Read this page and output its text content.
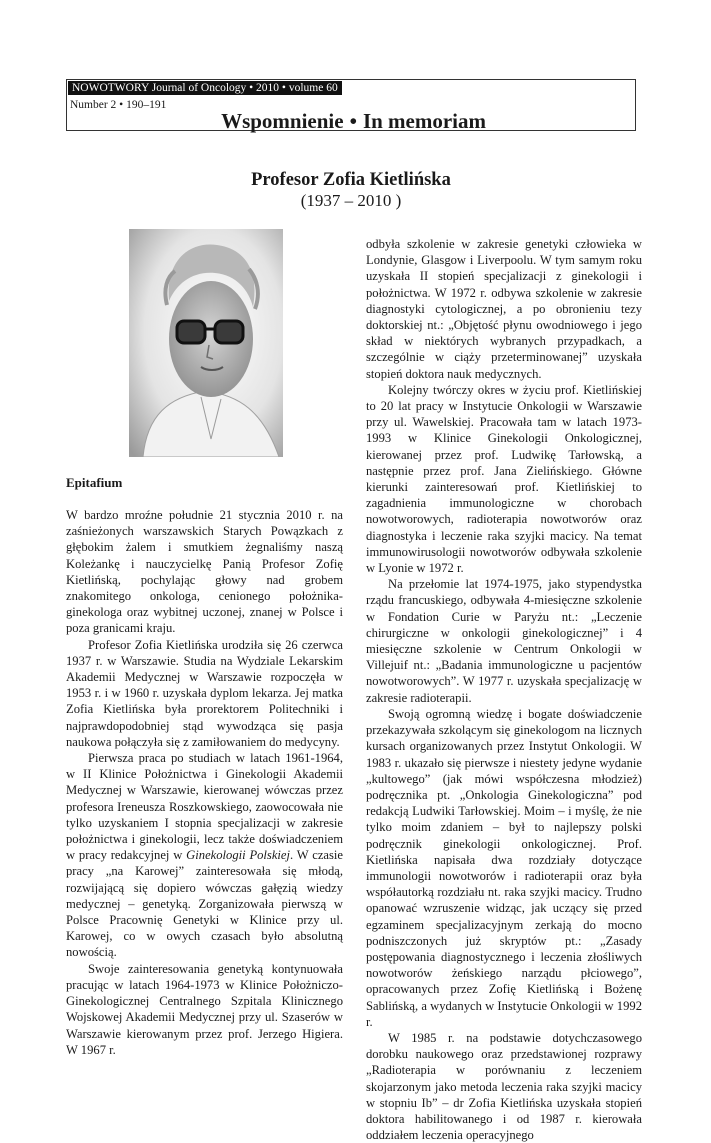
NOWOTWORY Journal of Oncology • 2010 • volume 60
Number 2 • 190–191
Wspomnienie • In memoriam
Profesor Zofia Kietlińska
(1937 – 2010 )
Epitafium

W bardzo mroźne południe 21 stycznia 2010 r. na zaśnieżonych warszawskich Starych Powązkach z głębokim żalem i smutkiem żegnaliśmy naszą Koleżankę i nauczycielkę Panią Profesor Zofię Kietlińską, pochylając głowy nad grobem znakomitego onkologa, cenionego położnika-ginekologa oraz wybitnej uczonej, znanej w Polsce i poza granicami kraju.

Profesor Zofia Kietlińska urodziła się 26 czerwca 1937 r. w Warszawie. Studia na Wydziale Lekarskim Akademii Medycznej w Warszawie rozpoczęła w 1953 r. i w 1960 r. uzyskała dyplom lekarza. Jej matka Zofia Kietlińska była prorektorem Politechniki i najprawdopodobniej stąd wywodząca się pasja naukowa połączyła się z zamiłowaniem do medycyny.

Pierwsza praca po studiach w latach 1961-1964, w II Klinice Położnictwa i Ginekologii Akademii Medycznej w Warszawie, kierowanej wówczas przez profesora Ireneusza Roszkowskiego, zaowocowała nie tylko uzyskaniem I stopnia specjalizacji w zakresie położnictwa i ginekologii, lecz także doświadczeniem w pracy redakcyjnej w Ginekologii Polskiej. W czasie pracy „na Karowej” zainteresowała się młodą, rozwijającą się dopiero wówczas gałęzią wiedzy medycznej – genetyką. Zorganizowała pierwszą w Polsce Pracownię Genetyki w Klinice przy ul. Karowej, co w owych czasach było absolutną nowością.

Swoje zainteresowania genetyką kontynuowała pracując w latach 1964-1973 w Klinice Położniczo-Ginekologicznej Centralnego Szpitala Klinicznego Wojskowej Akademii Medycznej przy ul. Szaserów w Warszawie kierowanym przez prof. Jerzego Higiera. W 1967 r.

odbyła szkolenie w zakresie genetyki człowieka w Londynie, Glasgow i Liverpoolu. W tym samym roku uzyskała II stopień specjalizacji z ginekologii i położnictwa. W 1972 r. odbywa szkolenie w zakresie diagnostyki cytologicznej, a po obronieniu tezy doktorskiej nt.: „Objętość płynu owodniowego i jego skład w niektórych wybranych przypadkach, a szczególnie w ciąży przeterminowanej” uzyskała stopień doktora nauk medycznych.

Kolejny twórczy okres w życiu prof. Kietlińskiej to 20 lat pracy w Instytucie Onkologii w Warszawie przy ul. Wawelskiej. Pracowała tam w latach 1973-1993 w Klinice Ginekologii Onkologicznej, kierowanej przez prof. Ludwikę Tarłowską, a następnie przez prof. Jana Zielińskiego. Główne kierunki zainteresowań prof. Kietlińskiej to zagadnienia immunologiczne w chorobach nowotworowych, radioterapia nowotworów oraz diagnostyka i leczenie raka szyjki macicy. Na temat immunowirusologii nowotworów odbywała szkolenie w Lyonie w 1972 r.

Na przełomie lat 1974-1975, jako stypendystka rządu francuskiego, odbywała 4-miesięczne szkolenie w Fondation Curie w Paryżu nt.: „Leczenie chirurgiczne w onkologii ginekologicznej” i 4 miesięczne szkolenie w Centrum Onkologii w Villejuif nt.: „Badania immunologiczne u pacjentów nowotworowych”. W 1977 r. uzyskała specjalizację w zakresie radioterapii.

Swoją ogromną wiedzę i bogate doświadczenie przekazywała szkolącym się ginekologom na licznych kursach organizowanych przez Instytut Onkologii. W 1983 r. ukazało się pierwsze i niestety jedyne wydanie „kultowego” (jak mówi współczesna młodzież) podręcznika pt. „Onkologia Ginekologiczna” pod redakcją Ludwiki Tarłowskiej. Moim – i myślę, że nie tylko moim zdaniem – był to najlepszy polski podręcznik ginekologii onkologicznej. Prof. Kietlińska napisała dwa rozdziały dotyczące immunologii nowotworów i radioterapii oraz była współautorką rozdziału nt. raka szyjki macicy. Trudno opanować wzruszenie widząc, jak uczący się przed egzaminem specjalizacyjnym zerkają do mocno podniszczonych już skryptów pt.: „Zasady postępowania diagnostycznego i leczenia złośliwych nowotworów żeńskiego narządu płciowego”, opracowanych przez Zofię Kietlińską i Bożenę Sablińską, a wydanych w Instytucie Onkologii w 1992 r.

W 1985 r. na podstawie dotychczasowego dorobku naukowego oraz przedstawionej rozprawy „Radioterapia w porównaniu z leczeniem skojarzonym jako metoda leczenia raka szyjki macicy w stopniu Ib” – dr Zofia Kietlińska uzyskała stopień doktora habilitowanego i od 1987 r. kierowała oddziałem leczenia operacyjnego
